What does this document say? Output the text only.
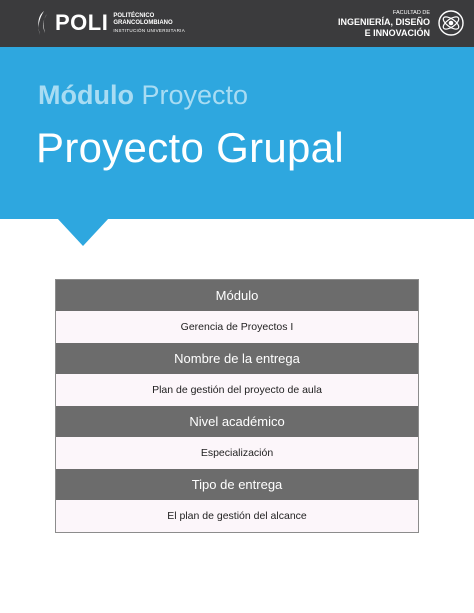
POLI POLITÉCNICO
GRANCOLOMBIANO
INSTITUCIÓN UNIVERSITARIA
FACULTAD DE
INGENIERÍA, DISEÑO
E INNOVACIÓN
Módulo Proyecto
Proyecto Grupal
Módulo
Gerencia de Proyectos I
Nombre de la entrega
Plan de gestión del proyecto de aula
Nivel académico
Especialización
Tipo de entrega
El plan de gestión del alcance
